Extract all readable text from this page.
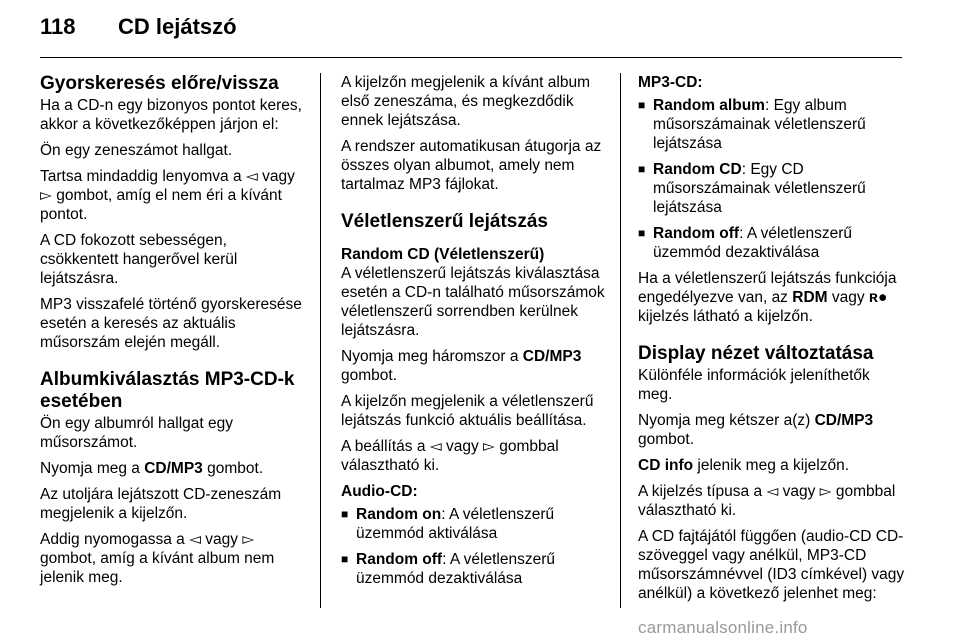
118 CD lejátszó
Gyorskeresés előre/vissza

Ha a CD-n egy bizonyos pontot keres, akkor a következőképpen járjon el:

Ön egy zeneszámot hallgat.

Tartsa mindaddig lenyomva a ◅ vagy ▻ gombot, amíg el nem éri a kívánt pontot.

A CD fokozott sebességen, csökkentett hangerővel kerül lejátszásra.

MP3 visszafelé történő gyorskeresése esetén a keresés az aktuális műsorszám elején megáll.

Albumkiválasztás MP3-CD-k esetében

Ön egy albumról hallgat egy műsorszámot.

Nyomja meg a CD/MP3 gombot.

Az utoljára lejátszott CD-zeneszám megjelenik a kijelzőn.

Addig nyomogassa a ◅ vagy ▻ gombot, amíg a kívánt album nem jelenik meg.

A kijelzőn megjelenik a kívánt album első zeneszáma, és megkezdődik ennek lejátszása.

A rendszer automatikusan átugorja az összes olyan albumot, amely nem tartalmaz MP3 fájlokat.

Véletlenszerű lejátszás
Random CD (Véletlenszerű)

A véletlenszerű lejátszás kiválasztása esetén a CD-n található műsorszámok véletlenszerű sorrendben kerülnek lejátszásra.

Nyomja meg háromszor a CD/MP3 gombot.

A kijelzőn megjelenik a véletlenszerű lejátszás funkció aktuális beállítása.

A beállítás a ◅ vagy ▻ gombbal választható ki.

Audio-CD:
■ Random on: A véletlenszerű üzemmód aktiválása
■ Random off: A véletlenszerű üzemmód dezaktiválása
MP3-CD:
■ Random album: Egy album műsorszámainak véletlenszerű lejátszása
■ Random CD: Egy CD műsorszámainak véletlenszerű lejátszása
■ Random off: A véletlenszerű üzemmód dezaktiválása

Ha a véletlenszerű lejátszás funkciója engedélyezve van, az RDM vagy ʀ● kijelzés látható a kijelzőn.

Display nézet változtatása

Különféle információk jeleníthetők meg.

Nyomja meg kétszer a(z) CD/MP3 gombot.

CD info jelenik meg a kijelzőn.

A kijelzés típusa a ◅ vagy ▻ gombbal választható ki.

A CD fajtájától függően (audio-CD CD-szöveggel vagy anélkül, MP3-CD műsorszámnévvel (ID3 címkével) vagy anélkül) a következő jelenhet meg:

carmanualsonline.info
